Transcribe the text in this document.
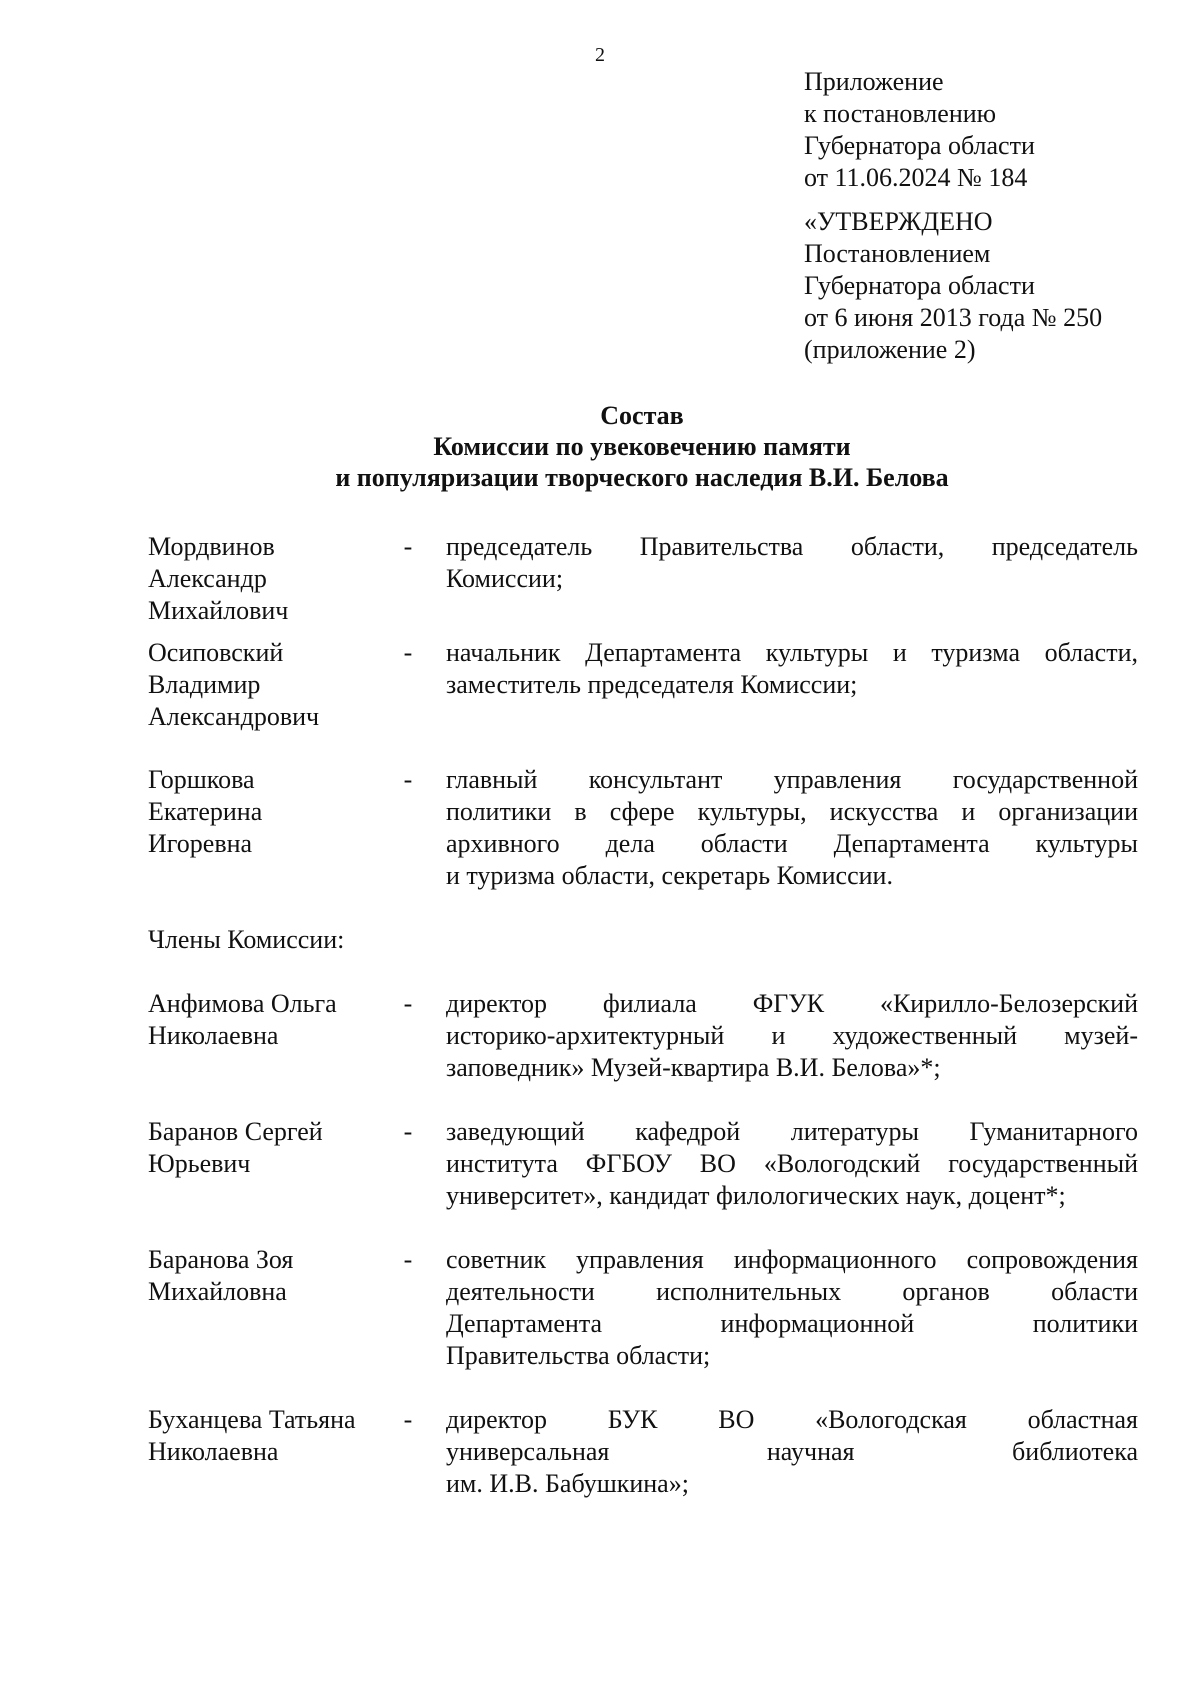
2
Приложение
к постановлению
Губернатора области
от 11.06.2024 № 184
«УТВЕРЖДЕНО
Постановлением
Губернатора области
от 6 июня 2013 года № 250
(приложение 2)
Состав
Комиссии по увековечению памяти
и популяризации творческого наследия В.И. Белова
Мордвинов
Александр
Михайлович
- председатель Правительства области, председатель
Комиссии;
Осиповский
Владимир
Александрович
- начальник Департамента культуры и туризма области,
заместитель председателя Комиссии;
Горшкова
Екатерина
Игоревна
- главный консультант управления государственной
политики в сфере культуры, искусства и организации
архивного дела области Департамента культуры
и туризма области, секретарь Комиссии.
Члены Комиссии:
Анфимова Ольга
Николаевна
- директор филиала ФГУК «Кирилло-Белозерский
историко-архитектурный и художественный музей-
заповедник» Музей-квартира В.И. Белова»*;
Баранов Сергей
Юрьевич
- заведующий кафедрой литературы Гуманитарного
института ФГБОУ ВО «Вологодский государственный
университет», кандидат филологических наук, доцент*;
Баранова Зоя
Михайловна
- советник управления информационного сопровождения
деятельности исполнительных органов области
Департамента информационной политики
Правительства области;
Буханцева Татьяна
Николаевна
- директор БУК ВО «Вологодская областная
универсальная научная библиотека
им. И.В. Бабушкина»;
